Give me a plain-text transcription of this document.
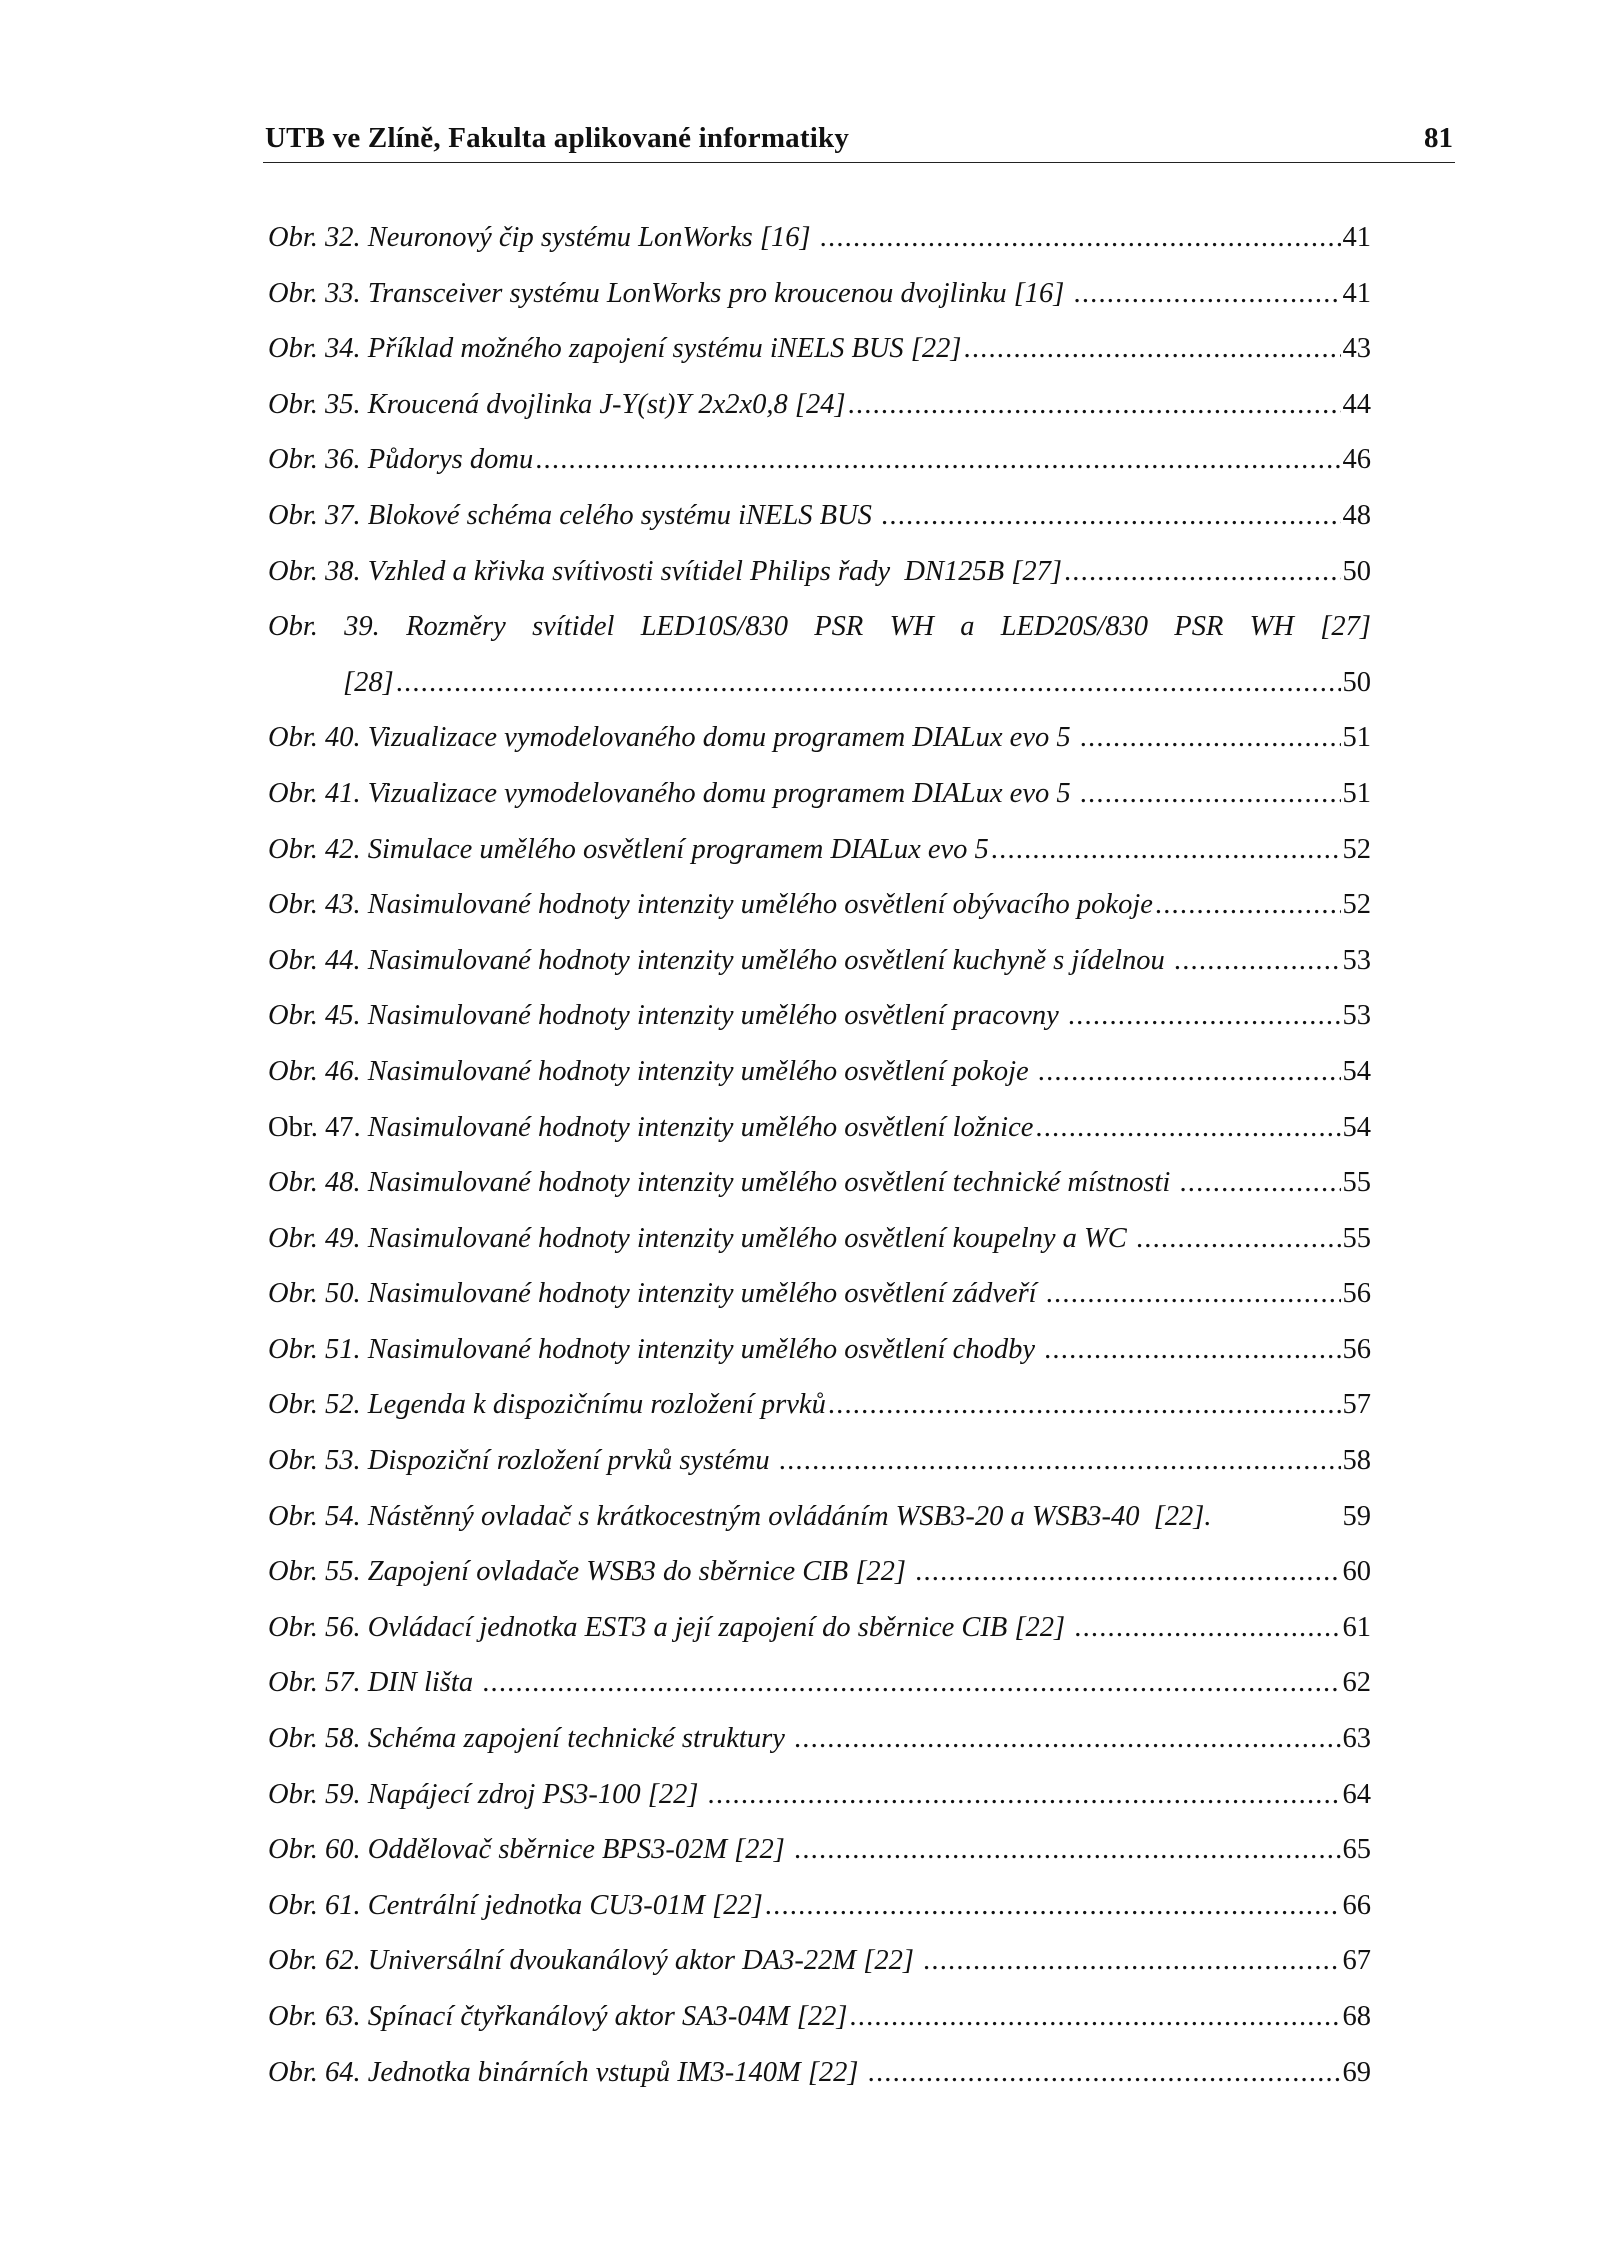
UTB ve Zlíně, Fakulta aplikované informatiky	81
Obr. 32. Neuronový čip systému LonWorks [16] .....	41
Obr. 33. Transceiver systému LonWorks pro kroucenou dvojlinku [16] .....	41
Obr. 34. Příklad možného zapojení systému iNELS BUS [22] .....	43
Obr. 35. Kroucená dvojlinka J-Y(st)Y 2x2x0,8 [24] .....	44
Obr. 36. Půdorys domu .....	46
Obr. 37. Blokové schéma celého systému iNELS BUS .....	48
Obr. 38. Vzhled a křivka svítivosti svítidel Philips řady  DN125B [27] .....	50
Obr. 39. Rozměry svítidel LED10S/830 PSR WH a LED20S/830 PSR WH [27]
[28] .....	50
Obr. 40. Vizualizace vymodelovaného domu programem DIALux evo 5 .....	51
Obr. 41. Vizualizace vymodelovaného domu programem DIALux evo 5 .....	51
Obr. 42. Simulace umělého osvětlení programem DIALux evo 5 .....	52
Obr. 43. Nasimulované hodnoty intenzity umělého osvětlení obývacího pokoje .....	52
Obr. 44. Nasimulované hodnoty intenzity umělého osvětlení kuchyně s jídelnou .....	53
Obr. 45. Nasimulované hodnoty intenzity umělého osvětlení pracovny .....	53
Obr. 46. Nasimulované hodnoty intenzity umělého osvětlení pokoje .....	54
Obr. 47. Nasimulované hodnoty intenzity umělého osvětlení ložnice .....	54
Obr. 48. Nasimulované hodnoty intenzity umělého osvětlení technické místnosti .....	55
Obr. 49. Nasimulované hodnoty intenzity umělého osvětlení koupelny a WC .....	55
Obr. 50. Nasimulované hodnoty intenzity umělého osvětlení zádveří .....	56
Obr. 51. Nasimulované hodnoty intenzity umělého osvětlení chodby .....	56
Obr. 52. Legenda k dispozičnímu rozložení prvků .....	57
Obr. 53. Dispoziční rozložení prvků systému .....	58
Obr. 54. Nástěnný ovladač s krátkocestným ovládáním WSB3-20 a WSB3-40  [22].	59
Obr. 55. Zapojení ovladače WSB3 do sběrnice CIB [22] .....	60
Obr. 56. Ovládací jednotka EST3 a její zapojení do sběrnice CIB [22] .....	61
Obr. 57. DIN lišta .....	62
Obr. 58. Schéma zapojení technické struktury .....	63
Obr. 59. Napájecí zdroj PS3-100 [22] .....	64
Obr. 60. Oddělovač sběrnice BPS3-02M [22] .....	65
Obr. 61. Centrální jednotka CU3-01M [22] .....	66
Obr. 62. Universální dvoukanálový aktor DA3-22M [22] .....	67
Obr. 63. Spínací čtyřkanálový aktor SA3-04M [22] .....	68
Obr. 64. Jednotka binárních vstupů IM3-140M [22] .....	69
